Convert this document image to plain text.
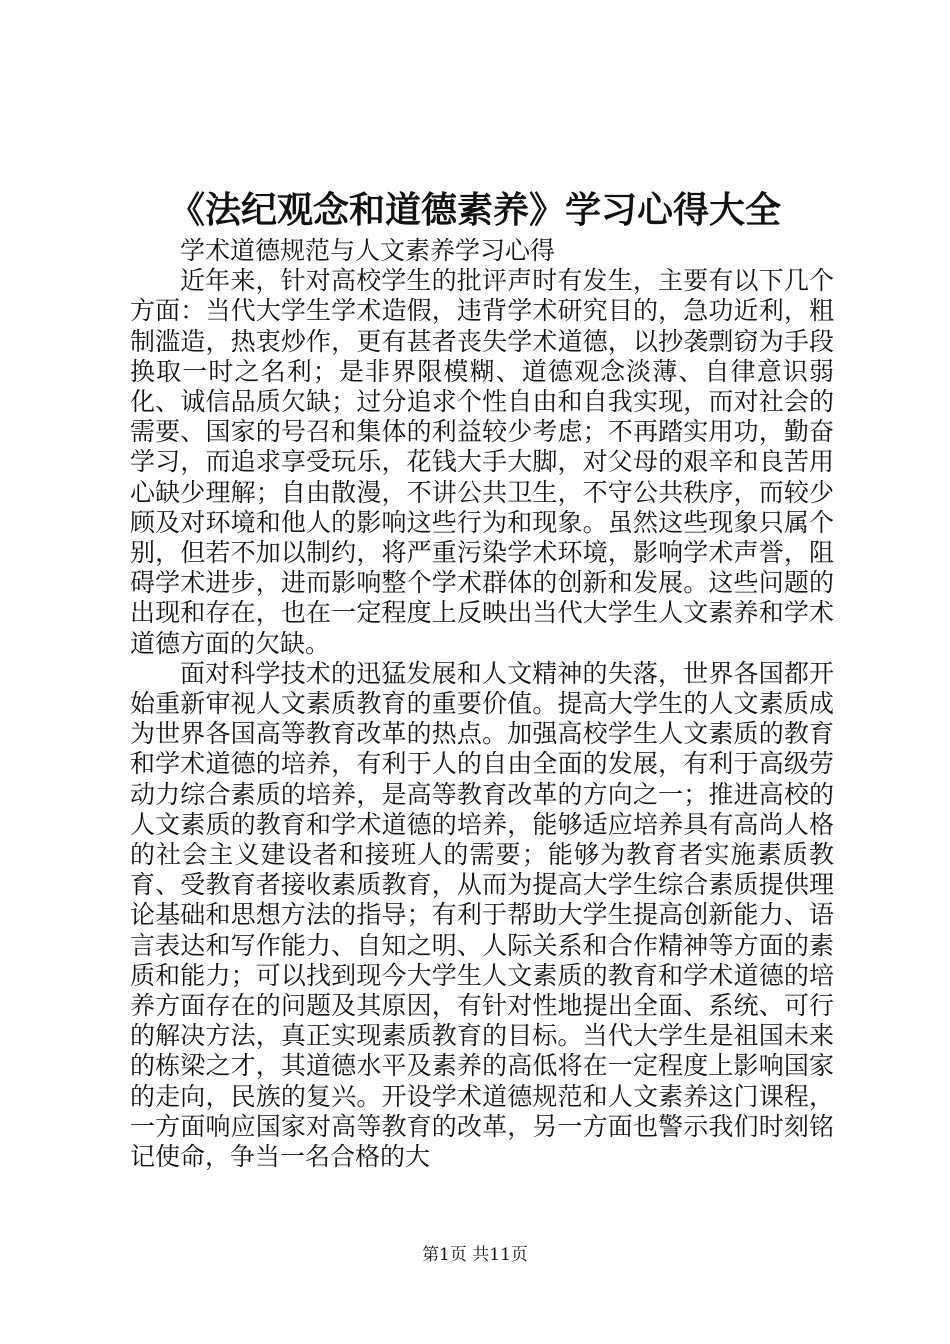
《法纪观念和道德素养》学习心得大全

学术道德规范与人文素养学习心得

近年来，针对高校学生的批评声时有发生，主要有以下几个方面：当代大学生学术造假，违背学术研究目的，急功近利，粗制滥造，热衷炒作，更有甚者丧失学术道德，以抄袭剽窃为手段换取一时之名利；是非界限模糊、道德观念淡薄、自律意识弱化、诚信品质欠缺；过分追求个性自由和自我实现，而对社会的需要、国家的号召和集体的利益较少考虑；不再踏实用功，勤奋学习，而追求享受玩乐，花钱大手大脚，对父母的艰辛和良苦用心缺少理解；自由散漫，不讲公共卫生，不守公共秩序，而较少顾及对环境和他人的影响这些行为和现象。虽然这些现象只属个别，但若不加以制约，将严重污染学术环境，影响学术声誉，阻碍学术进步，进而影响整个学术群体的创新和发展。这些问题的出现和存在，也在一定程度上反映出当代大学生人文素养和学术道德方面的欠缺。

面对科学技术的迅猛发展和人文精神的失落，世界各国都开始重新审视人文素质教育的重要价值。提高大学生的人文素质成为世界各国高等教育改革的热点。加强高校学生人文素质的教育和学术道德的培养，有利于人的自由全面的发展，有利于高级劳动力综合素质的培养，是高等教育改革的方向之一；推进高校的人文素质的教育和学术道德的培养，能够适应培养具有高尚人格的社会主义建设者和接班人的需要；能够为教育者实施素质教育、受教育者接收素质教育，从而为提高大学生综合素质提供理论基础和思想方法的指导；有利于帮助大学生提高创新能力、语言表达和写作能力、自知之明、人际关系和合作精神等方面的素质和能力；可以找到现今大学生人文素质的教育和学术道德的培养方面存在的问题及其原因，有针对性地提出全面、系统、可行的解决方法，真正实现素质教育的目标。当代大学生是祖国未来的栋梁之才，其道德水平及素养的高低将在一定程度上影响国家的走向，民族的复兴。开设学术道德规范和人文素养这门课程，一方面响应国家对高等教育的改革，另一方面也警示我们时刻铭记使命，争当一名合格的大

第1页 共11页
